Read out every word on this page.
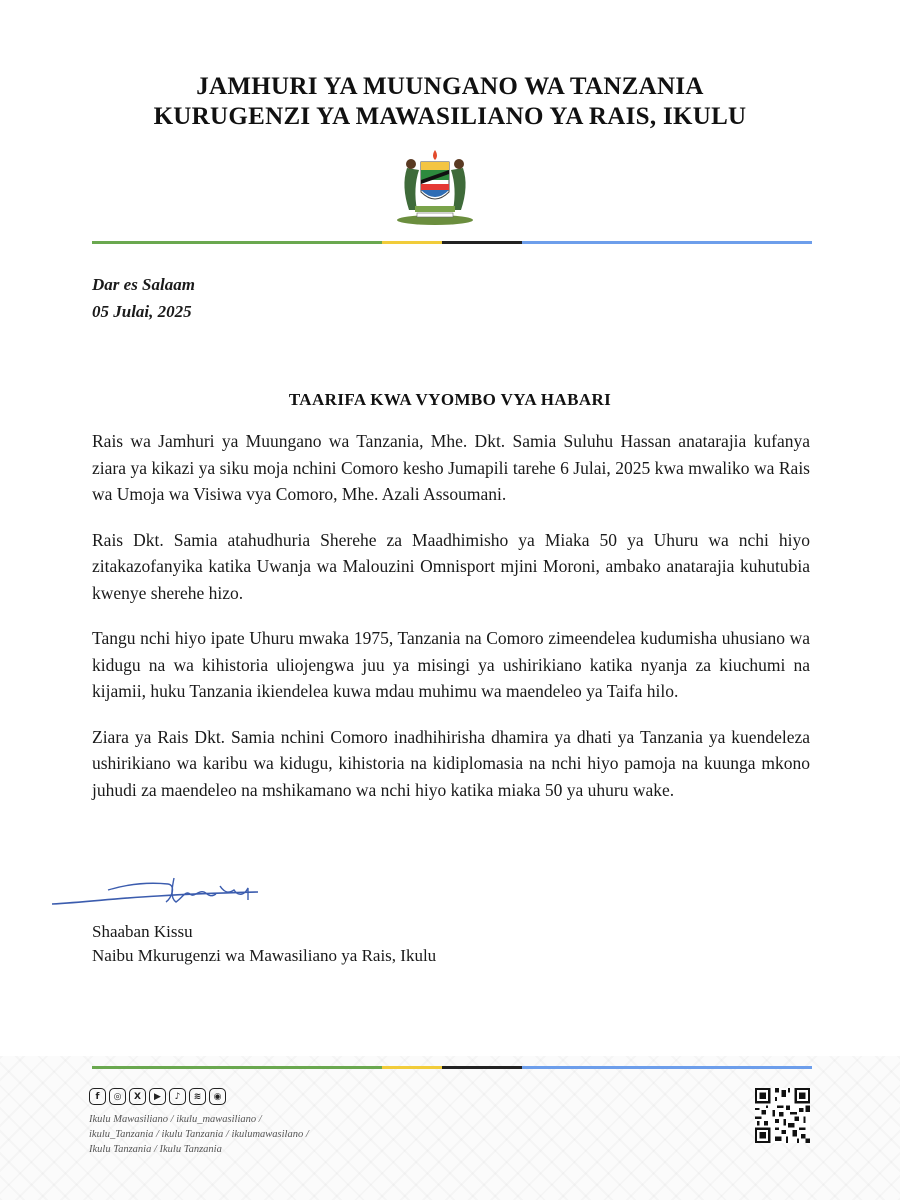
JAMHURI YA MUUNGANO WA TANZANIA
KURUGENZI YA MAWASILIANO YA RAIS, IKULU
Dar es Salaam
05 Julai, 2025
TAARIFA KWA VYOMBO VYA HABARI

Rais wa Jamhuri ya Muungano wa Tanzania, Mhe. Dkt. Samia Suluhu Hassan anatarajia kufanya ziara ya kikazi ya siku moja nchini Comoro kesho Jumapili tarehe 6 Julai, 2025 kwa mwaliko wa Rais wa Umoja wa Visiwa vya Comoro, Mhe. Azali Assoumani.

Rais Dkt. Samia atahudhuria Sherehe za Maadhimisho ya Miaka 50 ya Uhuru wa nchi hiyo zitakazofanyika katika Uwanja wa Malouzini Omnisport mjini Moroni, ambako anatarajia kuhutubia kwenye sherehe hizo.

Tangu nchi hiyo ipate Uhuru mwaka 1975, Tanzania na Comoro zimeendelea kudumisha uhusiano wa kidugu na wa kihistoria uliojengwa juu ya misingi ya ushirikiano katika nyanja za kiuchumi na kijamii, huku Tanzania ikiendelea kuwa mdau muhimu wa maendeleo ya Taifa hilo.

Ziara ya Rais Dkt. Samia nchini Comoro inadhihirisha dhamira ya dhati ya Tanzania ya kuendeleza ushirikiano wa karibu wa kidugu, kihistoria na kidiplomasia na nchi hiyo pamoja na kuunga mkono juhudi za maendeleo na mshikamano wa nchi hiyo katika miaka 50 ya uhuru wake.

Shaaban Kissu
Naibu Mkurugenzi wa Mawasiliano ya Rais, Ikulu
f	◎	X	▶	♪	≋	◉
Ikulu Mawasiliano / ikulu_mawasiliano / ikulu_Tanzania / ikulu Tanzania / ikulumawasilano / Ikulu Tanzania / Ikulu Tanzania
